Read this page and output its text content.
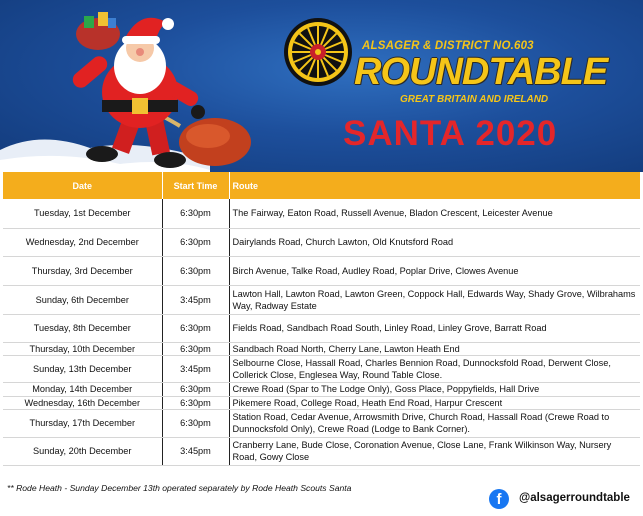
ALSAGER & DISTRICT NO.603
ROUNDTABLE
GREAT BRITAIN AND IRELAND
SANTA 2020
Date	Start Time	Route
Tuesday, 1st December	6:30pm	The Fairway, Eaton Road, Russell Avenue, Bladon Crescent, Leicester Avenue
Wednesday, 2nd December	6:30pm	Dairylands Road, Church Lawton, Old Knutsford Road
Thursday, 3rd December	6:30pm	Birch Avenue, Talke Road, Audley Road, Poplar Drive, Clowes Avenue
Sunday, 6th December	3:45pm	Lawton Hall, Lawton Road, Lawton Green, Coppock Hall, Edwards Way, Shady Grove, Wilbrahams Way, Radway Estate
Tuesday, 8th December	6:30pm	Fields Road, Sandbach Road South, Linley Road, Linley Grove, Barratt Road
Thursday, 10th December	6:30pm	Sandbach Road North, Cherry Lane, Lawton Heath End
Sunday, 13th December	3:45pm	Selbourne Close, Hassall Road, Charles Bennion Road, Dunnocksfold Road, Derwent Close, Collerick Close, Englesea Way, Round Table Close.
Monday, 14th December	6:30pm	Crewe Road (Spar to The Lodge Only), Goss Place, Poppyfields, Hall Drive
Wednesday, 16th December	6:30pm	Pikemere Road, College Road, Heath End Road, Harpur Crescent
Thursday, 17th December	6:30pm	Station Road, Cedar Avenue, Arrowsmith Drive, Church Road, Hassall Road (Crewe Road to Dunnocksfold Only), Crewe Road (Lodge to Bank Corner).
Sunday, 20th December	3:45pm	Cranberry Lane, Bude Close, Coronation Avenue, Close Lane, Frank Wilkinson Way, Nursery Road, Gowy Close
** Rode Heath - Sunday December 13th operated separately by Rode Heath Scouts Santa
f	@alsagerroundtable
